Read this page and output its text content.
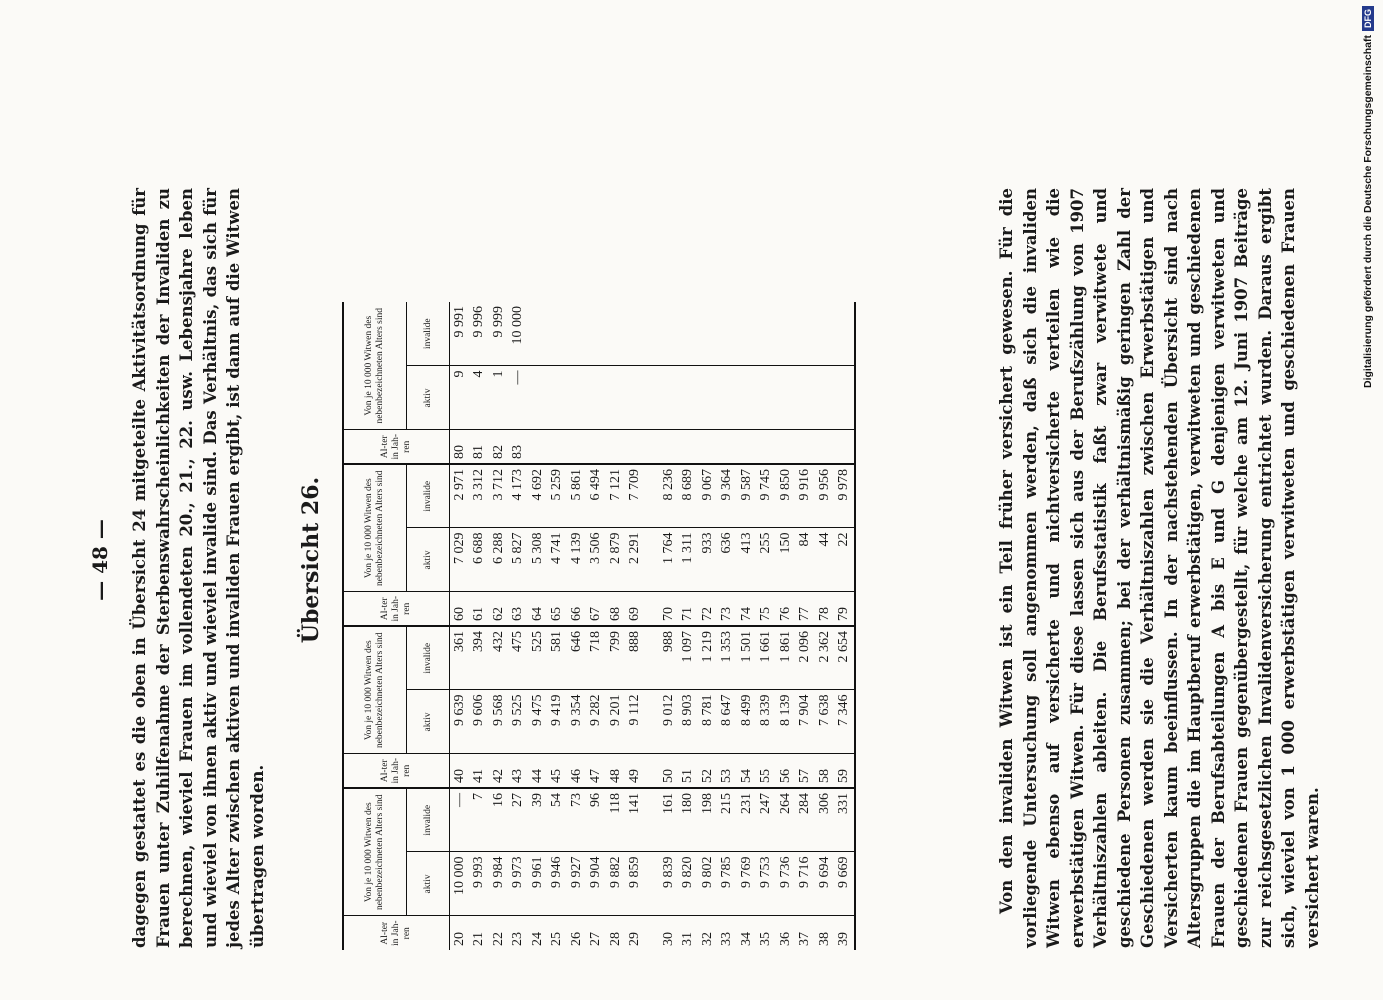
— 48 — dagegen gestattet es die oben in Übersicht 24 mitgeteilte Aktivitätsordnung für Frauen unter Zuhilfenahme der Sterbenswahrscheinlichkeiten der Invaliden zu berechnen, wieviel Frauen im vollendeten 20., 21., 22. usw. Lebensjahre leben und wieviel von ihnen aktiv und wieviel invalide sind. Das Verhältnis, das sich für jedes Alter zwischen aktiven und invaliden Frauen ergibt, ist dann auf die Witwen übertragen worden.
Übersicht 26.
Al-ter in Jah-ren	Von je 10 000 Witwen des nebenbezeichneten Alters sind		Al-ter in Jah-ren	Von je 10 000 Witwen des nebenbezeichneten Alters sind		Al-ter in Jah-ren	Von je 10 000 Witwen des nebenbezeichneten Alters sind		Al-ter in Jah-ren	Von je 10 000 Witwen des nebenbezeichneten Alters sind	
	aktiv	invalide		aktiv	invalide		aktiv	invalide		aktiv	invalide
20	10 000	—	40	9 639	361	60	7 029	2 971	80	9	9 991
21	9 993	7	41	9 606	394	61	6 688	3 312	81	4	9 996
22	9 984	16	42	9 568	432	62	6 288	3 712	82	1	9 999
23	9 973	27	43	9 525	475	63	5 827	4 173	83	—	10 000
24	9 961	39	44	9 475	525	64	5 308	4 692			
25	9 946	54	45	9 419	581	65	4 741	5 259			
26	9 927	73	46	9 354	646	66	4 139	5 861			
27	9 904	96	47	9 282	718	67	3 506	6 494			
28	9 882	118	48	9 201	799	68	2 879	7 121			
29	9 859	141	49	9 112	888	69	2 291	7 709			

30	9 839	161	50	9 012	988	70	1 764	8 236			
31	9 820	180	51	8 903	1 097	71	1 311	8 689			
32	9 802	198	52	8 781	1 219	72	933	9 067			
33	9 785	215	53	8 647	1 353	73	636	9 364			
34	9 769	231	54	8 499	1 501	74	413	9 587			
35	9 753	247	55	8 339	1 661	75	255	9 745			
36	9 736	264	56	8 139	1 861	76	150	9 850			
37	9 716	284	57	7 904	2 096	77	84	9 916			
38	9 694	306	58	7 638	2 362	78	44	9 956			
39	9 669	331	59	7 346	2 654	79	22	9 978				Von den invaliden Witwen ist ein Teil früher versichert gewesen. Für die vorliegende Untersuchung soll angenommen werden, daß sich die invaliden Witwen ebenso auf versicherte und nichtversicherte verteilen wie die erwerbstätigen Witwen. Für diese lassen sich aus der Berufszählung von 1907 Verhältniszahlen ableiten. Die Berufsstatistik faßt zwar verwitwete und geschiedene Personen zusammen; bei der verhältnismäßig geringen Zahl der Geschiedenen werden sie die Verhältniszahlen zwischen Erwerbstätigen und Versicherten kaum beeinflussen. In der nachstehenden Übersicht sind nach Altersgruppen die im Hauptberuf erwerbstätigen, verwitweten und geschiedenen Frauen der Berufsabteilungen A bis E und G denjenigen verwitweten und geschiedenen Frauen gegenübergestellt, für welche am 12. Juni 1907 Beiträge zur reichsgesetzlichen Invalidenversicherung entrichtet wurden. Daraus ergibt sich, wieviel von 1 000 erwerbstätigen verwitweten und geschiedenen Frauen versichert waren.
Digitalisierung gefördert durch die Deutsche Forschungsgemeinschaft
DFG
